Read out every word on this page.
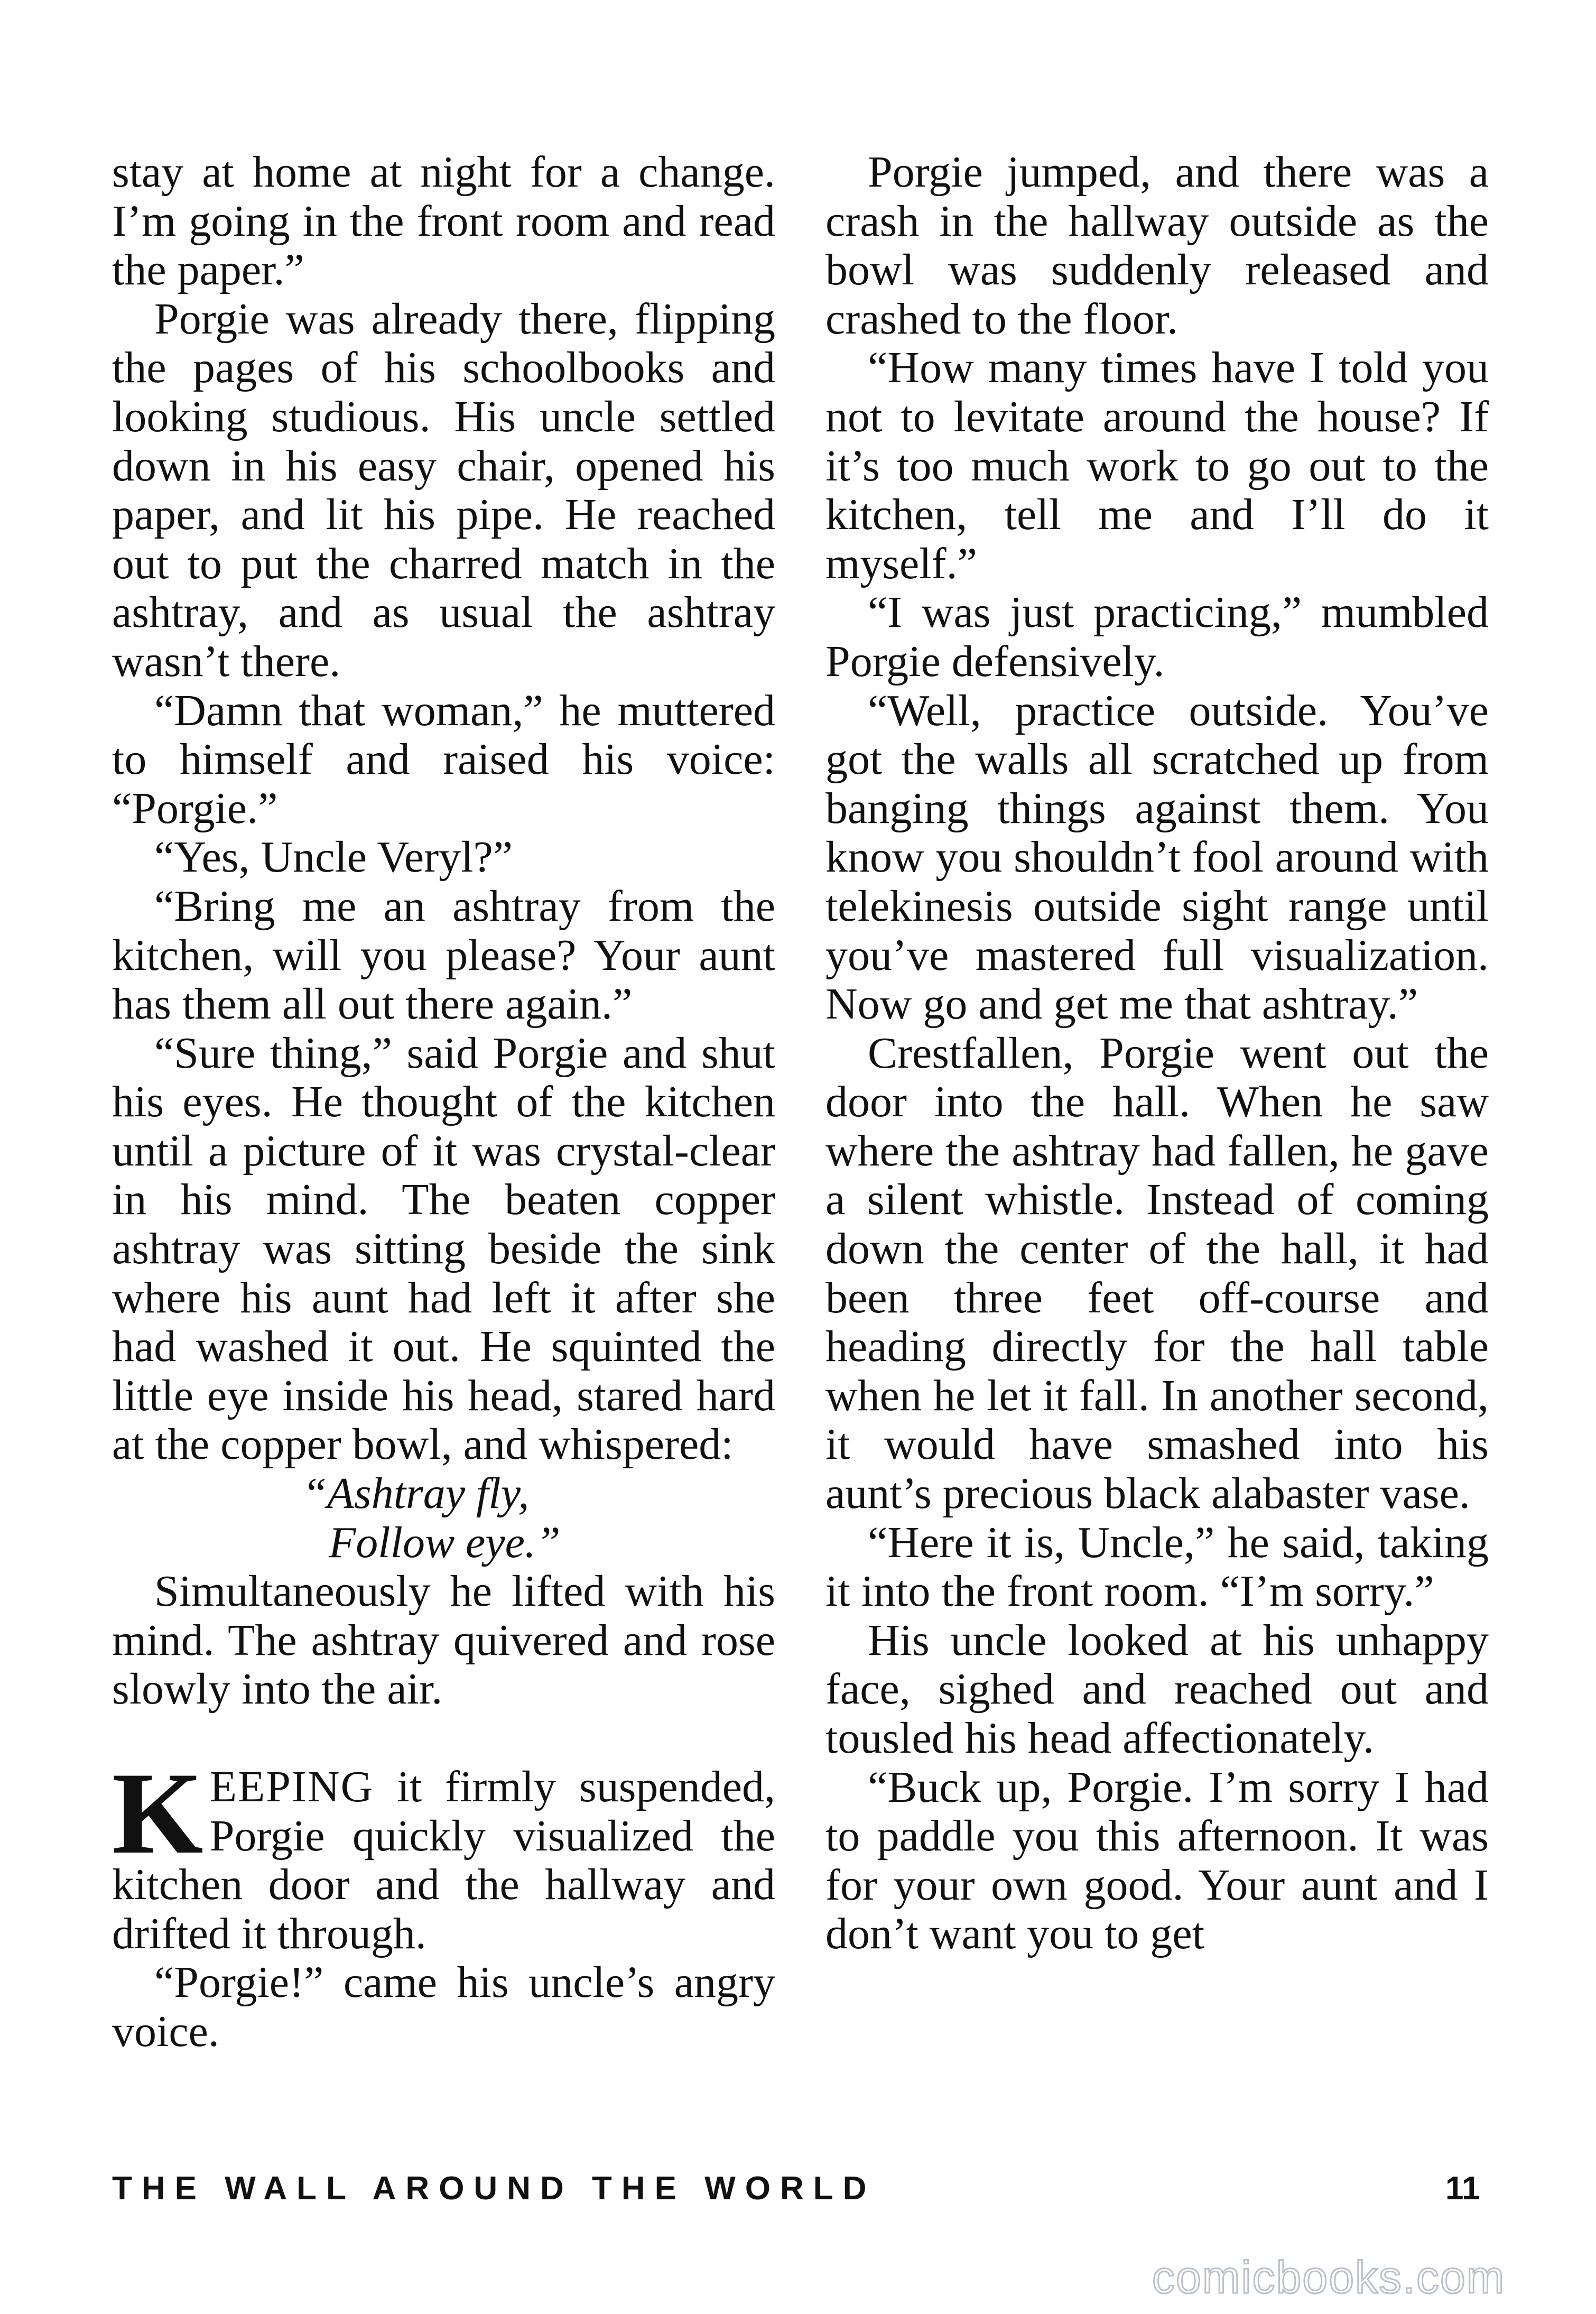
stay at home at night for a change. I’m going in the front room and read the paper.”

Porgie was already there, flipping the pages of his schoolbooks and looking studious. His uncle settled down in his easy chair, opened his paper, and lit his pipe. He reached out to put the charred match in the ashtray, and as usual the ashtray wasn’t there.

“Damn that woman,” he muttered to himself and raised his voice: “Porgie.”

“Yes, Uncle Veryl?”

“Bring me an ashtray from the kitchen, will you please? Your aunt has them all out there again.”

“Sure thing,” said Porgie and shut his eyes. He thought of the kitchen until a picture of it was crystal-clear in his mind. The beaten copper ashtray was sitting beside the sink where his aunt had left it after she had washed it out. He squinted the little eye inside his head, stared hard at the copper bowl, and whispered:

“Ashtray fly,
Follow eye.”

Simultaneously he lifted with his mind. The ashtray quivered and rose slowly into the air.

KEEPING it firmly suspended, Porgie quickly visualized the kitchen door and the hallway and drifted it through.

“Porgie!” came his uncle’s angry voice.

Porgie jumped, and there was a crash in the hallway outside as the bowl was suddenly released and crashed to the floor.

“How many times have I told you not to levitate around the house? If it’s too much work to go out to the kitchen, tell me and I’ll do it myself.”

“I was just practicing,” mumbled Porgie defensively.

“Well, practice outside. You’ve got the walls all scratched up from banging things against them. You know you shouldn’t fool around with telekinesis outside sight range until you’ve mastered full visualization. Now go and get me that ashtray.”

Crestfallen, Porgie went out the door into the hall. When he saw where the ashtray had fallen, he gave a silent whistle. Instead of coming down the center of the hall, it had been three feet off-course and heading directly for the hall table when he let it fall. In another second, it would have smashed into his aunt’s precious black alabaster vase.

“Here it is, Uncle,” he said, taking it into the front room. “I’m sorry.”

His uncle looked at his unhappy face, sighed and reached out and tousled his head affectionately.

“Buck up, Porgie. I’m sorry I had to paddle you this afternoon. It was for your own good. Your aunt and I don’t want you to get

THE WALL AROUND THE WORLD	11
comicbooks.com
